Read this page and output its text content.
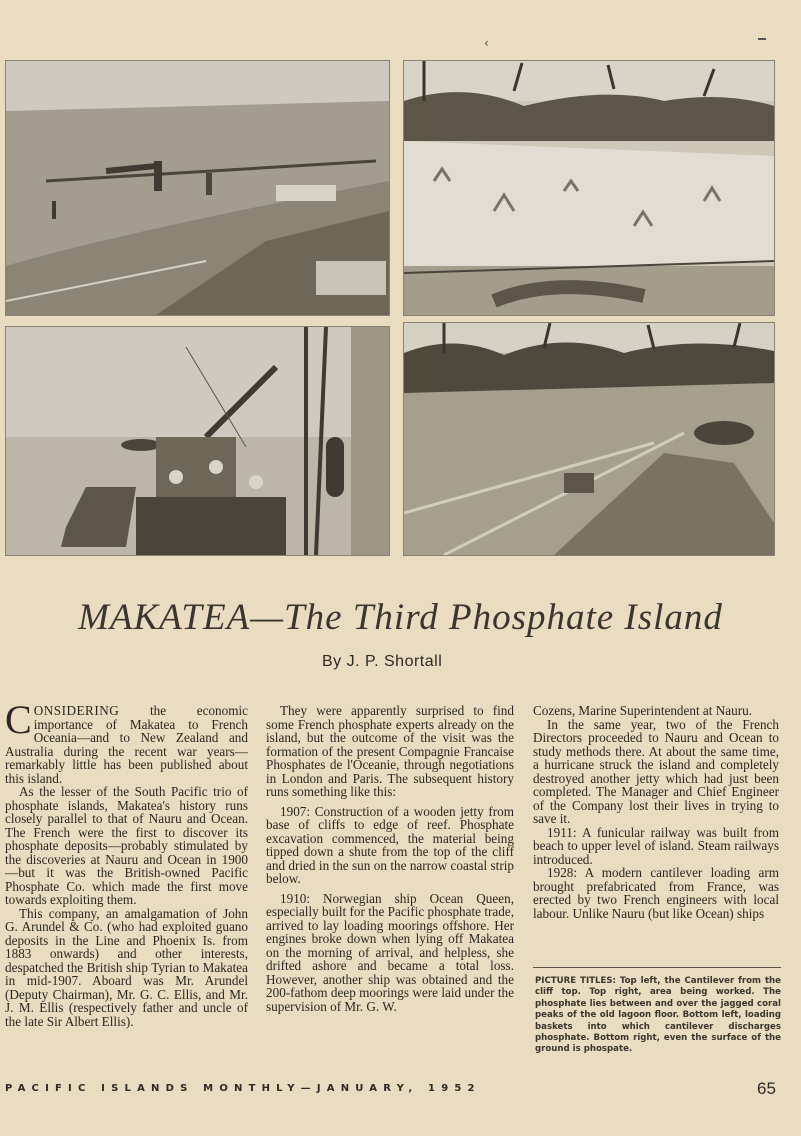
‹
MAKATEA—The Third Phosphate Island
By J. P. Shortall

CONSIDERING the economic importance of Makatea to French Oceania—and to New Zealand and Australia during the recent war years—remarkably little has been published about this island.

As the lesser of the South Pacific trio of phosphate islands, Makatea's history runs closely parallel to that of Nauru and Ocean. The French were the first to discover its phosphate deposits—probably stimulated by the discoveries at Nauru and Ocean in 1900—but it was the British-owned Pacific Phosphate Co. which made the first move towards exploiting them.

This company, an amalgamation of John G. Arundel & Co. (who had exploited guano deposits in the Line and Phoenix Is. from 1883 onwards) and other interests, despatched the British ship Tyrian to Makatea in mid-1907. Aboard was Mr. Arundel (Deputy Chairman), Mr. G. C. Ellis, and Mr. J. M. Ellis (respectively father and uncle of the late Sir Albert Ellis).

They were apparently surprised to find some French phosphate experts already on the island, but the outcome of the visit was the formation of the present Compagnie Francaise Phosphates de l'Oceanie, through negotiations in London and Paris. The subsequent history runs something like this:

1907: Construction of a wooden jetty from base of cliffs to edge of reef. Phosphate excavation commenced, the material being tipped down a shute from the top of the cliff and dried in the sun on the narrow coastal strip below.

1910: Norwegian ship Ocean Queen, especially built for the Pacific phosphate trade, arrived to lay loading moorings offshore. Her engines broke down when lying off Makatea on the morning of arrival, and helpless, she drifted ashore and became a total loss. However, another ship was obtained and the 200-fathom deep moorings were laid under the supervision of Mr. G. W.

Cozens, Marine Superintendent at Nauru.

In the same year, two of the French Directors proceeded to Nauru and Ocean to study methods there. At about the same time, a hurricane struck the island and completely destroyed another jetty which had just been completed. The Manager and Chief Engineer of the Company lost their lives in trying to save it.

1911: A funicular railway was built from beach to upper level of island. Steam railways introduced.

1928: A modern cantilever loading arm brought prefabricated from France, was erected by two French engineers with local labour. Unlike Nauru (but like Ocean) ships

PICTURE TITLES: Top left, the Cantilever from the cliff top. Top right, area being worked. The phosphate lies between and over the jagged coral peaks of the old lagoon floor. Bottom left, loading baskets into which cantilever discharges phosphate. Bottom right, even the surface of the ground is phospate.
PACIFIC ISLANDS MONTHLY—JANUARY, 1952	65
